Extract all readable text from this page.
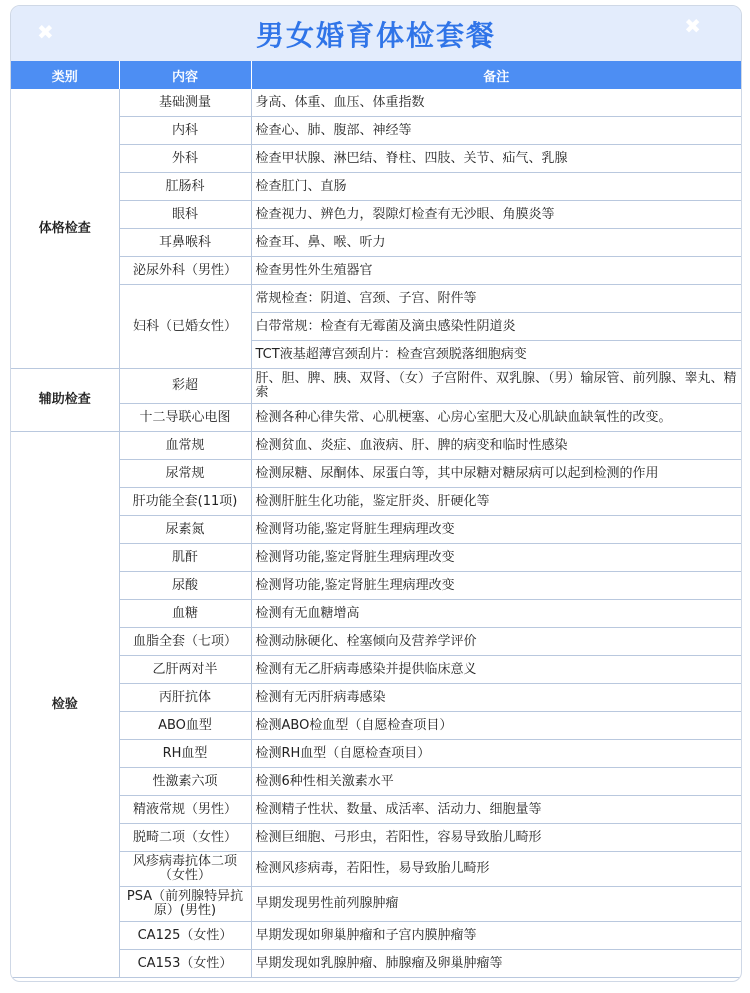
✖	男女婚育体检套餐	✖
类别	内容	备注
体格检查	基础测量	身高、体重、血压、体重指数
	内科	检查心、肺、腹部、神经等
	外科	检查甲状腺、淋巴结、脊柱、四肢、关节、疝气、乳腺
	肛肠科	检查肛门、直肠
	眼科	检查视力、辨色力，裂隙灯检查有无沙眼、角膜炎等
	耳鼻喉科	检查耳、鼻、喉、听力
	泌尿外科（男性）	检查男性外生殖器官
	妇科（已婚女性）	常规检查：阴道、宫颈、子宫、附件等
		白带常规：检查有无霉菌及滴虫感染性阴道炎
		TCT液基超薄宫颈刮片：检查宫颈脱落细胞病变
辅助检查	彩超	肝、胆、脾、胰、双肾、（女）子宫附件、双乳腺、（男）输尿管、前列腺、睾丸、精索
	十二导联心电图	检测各种心律失常、心肌梗塞、心房心室肥大及心肌缺血缺氧性的改变。
检验	血常规	检测贫血、炎症、血液病、肝、脾的病变和临时性感染
	尿常规	检测尿糖、尿酮体、尿蛋白等，其中尿糖对糖尿病可以起到检测的作用
	肝功能全套(11项)	检测肝脏生化功能，鉴定肝炎、肝硬化等
	尿素氮	检测肾功能,鉴定肾脏生理病理改变
	肌酐	检测肾功能,鉴定肾脏生理病理改变
	尿酸	检测肾功能,鉴定肾脏生理病理改变
	血糖	检测有无血糖增高
	血脂全套（七项）	检测动脉硬化、栓塞倾向及营养学评价
	乙肝两对半	检测有无乙肝病毒感染并提供临床意义
	丙肝抗体	检测有无丙肝病毒感染
	ABO血型	检测ABO检血型（自愿检查项目）
	RH血型	检测RH血型（自愿检查项目）
	性激素六项	检测6种性相关激素水平
	精液常规（男性）	检测精子性状、数量、成活率、活动力、细胞量等
	脱畸二项（女性）	检测巨细胞、弓形虫，若阳性，容易导致胎儿畸形
	风疹病毒抗体二项（女性）	检测风疹病毒，若阳性，易导致胎儿畸形
	PSA（前列腺特异抗原）(男性)	早期发现男性前列腺肿瘤
	CA125（女性）	早期发现如卵巢肿瘤和子宫内膜肿瘤等
	CA153（女性）	早期发现如乳腺肿瘤、肺腺瘤及卵巢肿瘤等
